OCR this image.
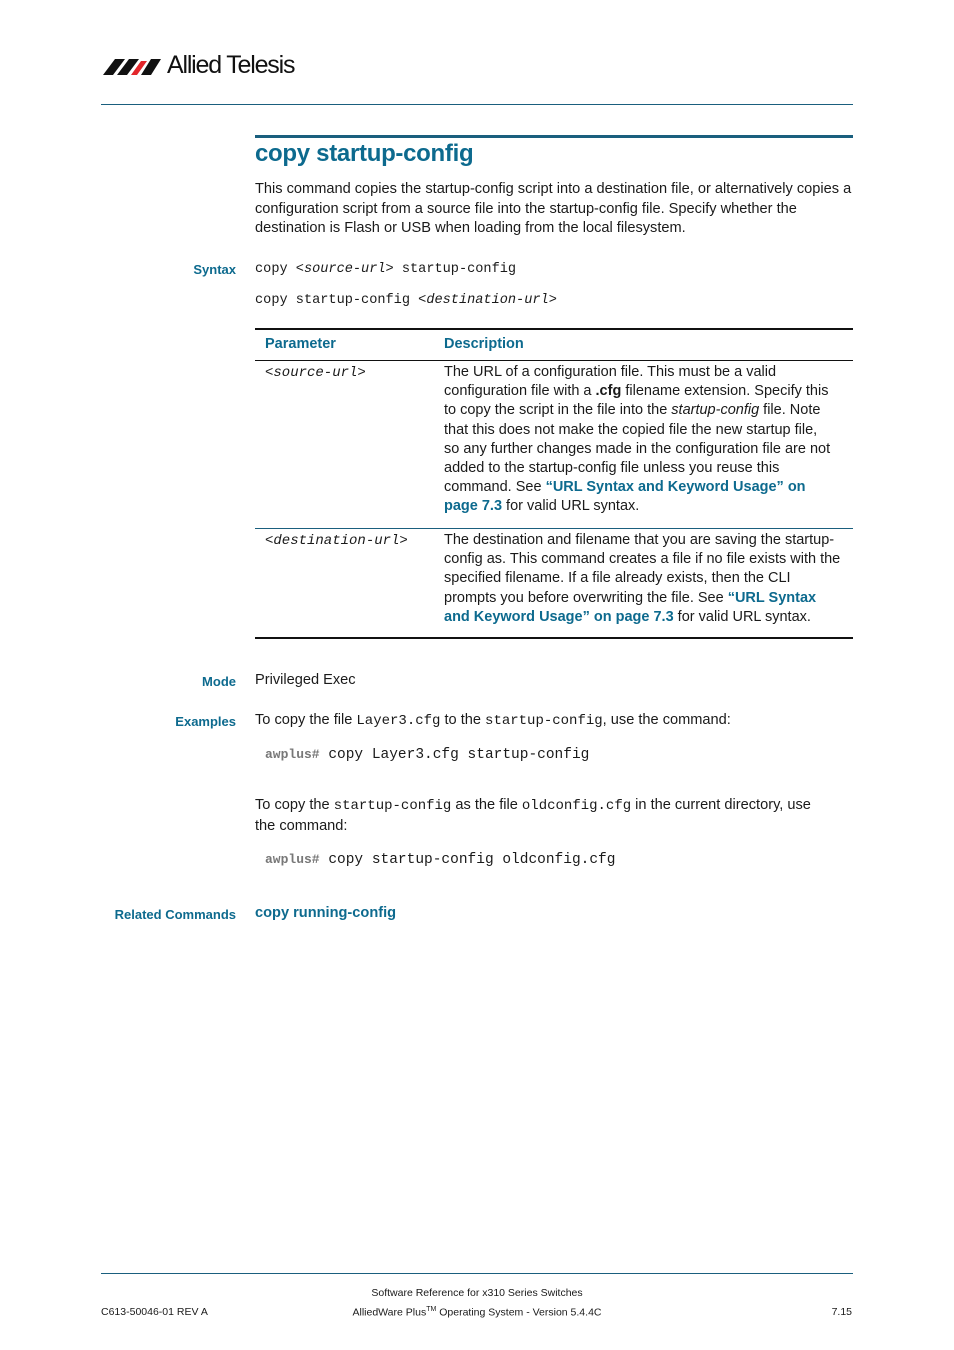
Allied Telesis
copy startup-config
This command copies the startup-config script into a destination file, or alternatively copies a configuration script from a source file into the startup-config file. Specify whether the destination is Flash or USB when loading from the local filesystem.
Syntax copy <source-url> startup-config
copy startup-config <destination-url>
Parameter	Description
<source-url>	The URL of a configuration file. This must be a valid
configuration file with a .cfg filename extension. Specify this
to copy the script in the file into the startup-config file. Note
that this does not make the copied file the new startup file,
so any further changes made in the configuration file are not
added to the startup-config file unless you reuse this
command. See “URL Syntax and Keyword Usage” on
page 7.3 for valid URL syntax.
<destination-url> The destination and filename that you are saving the startup-
config as. This command creates a file if no file exists with the
specified filename. If a file already exists, then the CLI
prompts you before overwriting the file. See “URL Syntax
and Keyword Usage” on page 7.3 for valid URL syntax.
Mode Privileged Exec
Examples To copy the file Layer3.cfg to the startup-config, use the command:
awplus# copy Layer3.cfg startup-config
To copy the startup-config as the file oldconfig.cfg in the current directory, use
the command:
awplus# copy startup-config oldconfig.cfg
Related Commands copy running-config
Software Reference for x310 Series Switches
C613-50046-01 REV A	AlliedWare Plus™ Operating System - Version 5.4.4C	7.15
